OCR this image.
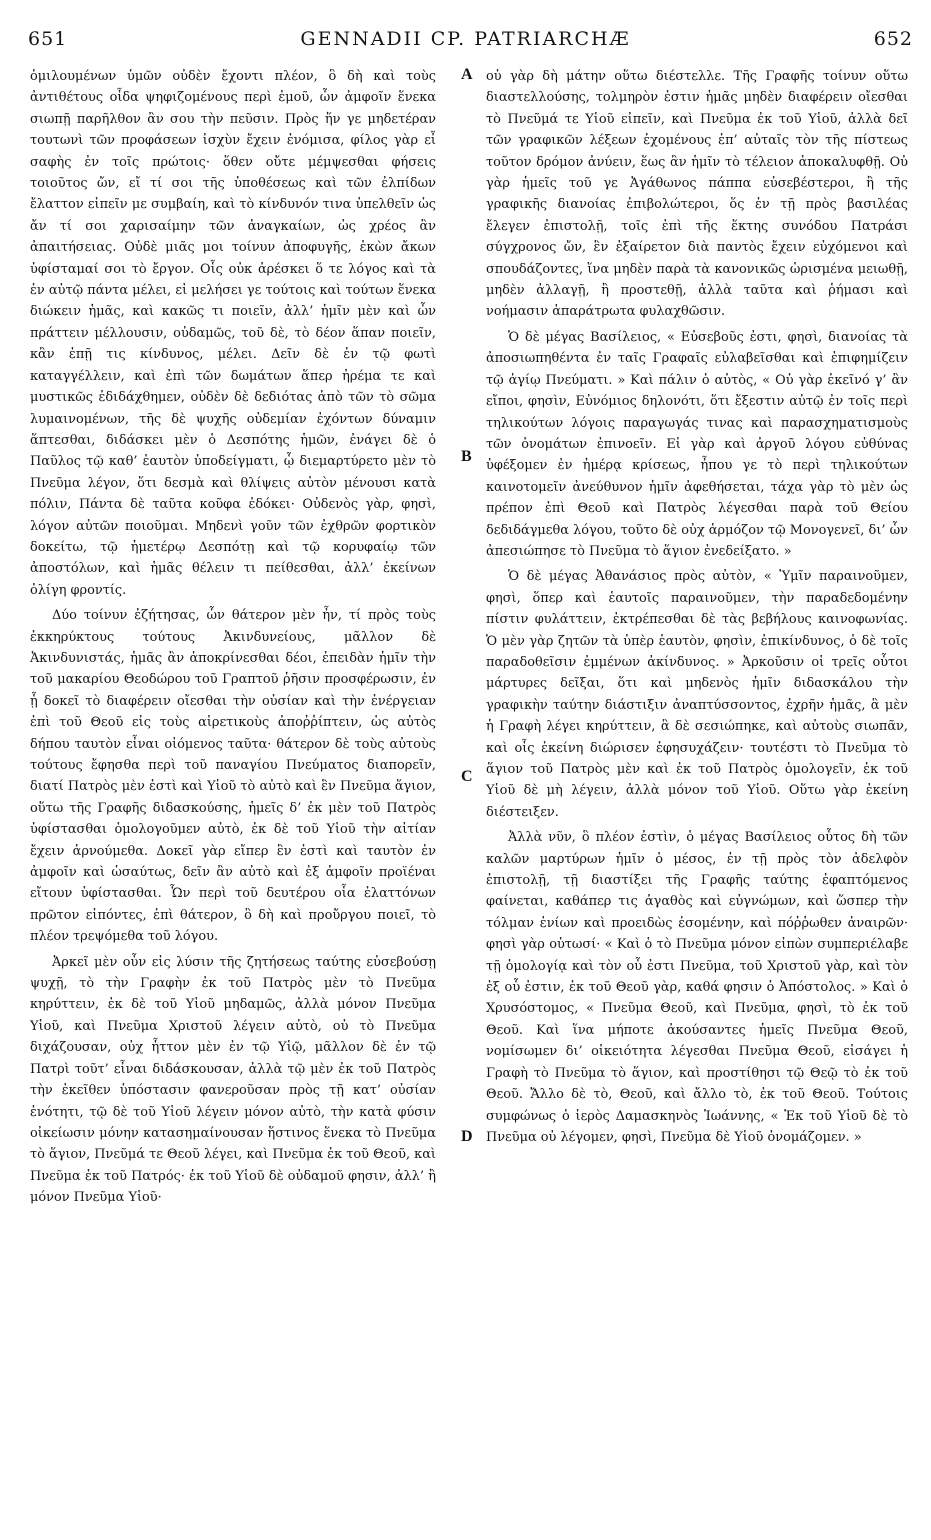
651	GENNADII CP. PATRIARCHÆ	652

ὁμιλουμένων ὑμῶν οὐδὲν ἔχοντι πλέον, ὃ δὴ καὶ τοὺς ἀντιθέτους οἶδα ψηφιζομένους περὶ ἐμοῦ, ὧν ἀμφοῖν ἕνεκα σιωπῇ παρῆλθον ἂν σου τὴν πεῦσιν. Πρὸς ἥν γε μηδετέραν τουτωνὶ τῶν προφάσεων ἰσχὺν ἔχειν ἐνόμισα, φίλος γὰρ εἶ σαφὴς ἐν τοῖς πρώτοις· ὅθεν οὔτε μέμψεσθαι φήσεις τοιοῦτος ὤν, εἴ τί σοι τῆς ὑποθέσεως καὶ τῶν ἐλπίδων ἔλαττον εἰπεῖν με συμβαίη, καὶ τὸ κίνδυνόν τινα ὑπελθεῖν ὡς ἄν τί σοι χαρισαίμην τῶν ἀναγκαίων, ὡς χρέος ἂν ἀπαιτήσειας. Οὐδὲ μιᾶς μοι τοίνυν ἀποφυγῆς, ἑκὼν ἄκων ὑφίσταμαί σοι τὸ ἔργον. Οἷς οὐκ ἀρέσκει ὅ τε λόγος καὶ τὰ ἐν αὐτῷ πάντα μέλει, εἰ μελήσει γε τούτοις καὶ τούτων ἕνεκα διώκειν ἡμᾶς, καὶ κακῶς τι ποιεῖν, ἀλλ’ ἡμῖν μὲν καὶ ὧν πράττειν μέλλουσιν, οὐδαμῶς, τοῦ δὲ, τὸ δέον ἅπαν ποιεῖν, κἂν ἐπῇ τις κίνδυνος, μέλει. Δεῖν δὲ ἐν τῷ φωτὶ καταγγέλλειν, καὶ ἐπὶ τῶν δωμάτων ἅπερ ἠρέμα τε καὶ μυστικῶς ἐδιδάχθημεν, οὐδὲν δὲ δεδιότας ἀπὸ τῶν τὸ σῶμα λυμαινομένων, τῆς δὲ ψυχῆς οὐδεμίαν ἐχόντων δύναμιν ἅπτεσθαι, διδάσκει μὲν ὁ Δεσπότης ἡμῶν, ἐνάγει δὲ ὁ Παῦλος τῷ καθ’ ἑαυτὸν ὑποδείγματι, ᾧ διεμαρτύρετο μὲν τὸ Πνεῦμα λέγον, ὅτι δεσμὰ καὶ θλίψεις αὐτὸν μένουσι κατὰ πόλιν, Πάντα δὲ ταῦτα κοῦφα ἐδόκει· Οὐδενὸς γὰρ, φησὶ, λόγον αὐτῶν ποιοῦμαι. Μηδενὶ γοῦν τῶν ἐχθρῶν φορτικὸν δοκείτω, τῷ ἡμετέρῳ Δεσπότῃ καὶ τῷ κορυφαίῳ τῶν ἀποστόλων, καὶ ἡμᾶς θέλειν τι πείθεσθαι, ἀλλ’ ἐκείνων ὀλίγη φροντίς.

Δύο τοίνυν ἐζήτησας, ὧν θάτερον μὲν ἦν, τί πρὸς τοὺς ἐκκηρύκτους τούτους Ἀκινδυνείους, μᾶλλον δὲ Ἀκινδυνιστάς, ἡμᾶς ἂν ἀποκρίνεσθαι δέοι, ἐπειδὰν ἡμῖν τὴν τοῦ μακαρίου Θεοδώρου τοῦ Γραπτοῦ ῥῆσιν προσφέρωσιν, ἐν ᾗ δοκεῖ τὸ διαφέρειν οἴεσθαι τὴν οὐσίαν καὶ τὴν ἐνέργειαν ἐπὶ τοῦ Θεοῦ εἰς τοὺς αἱρετικοὺς ἀποῤῥίπτειν, ὡς αὐτὸς δήπου ταυτὸν εἶναι οἰόμενος ταῦτα· θάτερον δὲ τοὺς αὐτοὺς τούτους ἔφησθα περὶ τοῦ παναγίου Πνεύματος διαπορεῖν, διατί Πατρὸς μὲν ἐστὶ καὶ Υἱοῦ τὸ αὐτὸ καὶ ἓν Πνεῦμα ἅγιον, οὕτω τῆς Γραφῆς διδασκούσης, ἡμεῖς δ’ ἐκ μὲν τοῦ Πατρὸς ὑφίστασθαι ὁμολογοῦμεν αὐτὸ, ἐκ δὲ τοῦ Υἱοῦ τὴν αἰτίαν ἔχειν ἀρνούμεθα. Δοκεῖ γὰρ εἴπερ ἓν ἐστὶ καὶ ταυτὸν ἐν ἀμφοῖν καὶ ὡσαύτως, δεῖν ἂν αὐτὸ καὶ ἐξ ἀμφοῖν προϊέναι εἴτουν ὑφίστασθαι. Ὧν περὶ τοῦ δευτέρου οἷα ἐλαττόνων πρῶτον εἰπόντες, ἐπὶ θάτερον, ὃ δὴ καὶ προὔργου ποιεῖ, τὸ πλέον τρεψόμεθα τοῦ λόγου.

Ἀρκεῖ μὲν οὖν εἰς λύσιν τῆς ζητήσεως ταύτης εὐσεβούσῃ ψυχῇ, τὸ τὴν Γραφὴν ἐκ τοῦ Πατρὸς μὲν τὸ Πνεῦμα κηρύττειν, ἐκ δὲ τοῦ Υἱοῦ μηδαμῶς, ἀλλὰ μόνον Πνεῦμα Υἱοῦ, καὶ Πνεῦμα Χριστοῦ λέγειν αὐτὸ, οὐ τὸ Πνεῦμα διχάζουσαν, οὐχ ἧττον μὲν ἐν τῷ Υἱῷ, μᾶλλον δὲ ἐν τῷ Πατρὶ τοῦτ’ εἶναι διδάσκουσαν, ἀλλὰ τῷ μὲν ἐκ τοῦ Πατρὸς τὴν ἐκεῖθεν ὑπόστασιν φανεροῦσαν πρὸς τῇ κατ’ οὐσίαν ἑνότητι, τῷ δὲ τοῦ Υἱοῦ λέγειν μόνον αὐτὸ, τὴν κατὰ φύσιν οἰκείωσιν μόνην κατασημαίνουσαν ἥστινος ἕνεκα τὸ Πνεῦμα τὸ ἅγιον, Πνεῦμά τε Θεοῦ λέγει, καὶ Πνεῦμα ἐκ τοῦ Θεοῦ, καὶ Πνεῦμα ἐκ τοῦ Πατρός· ἐκ τοῦ Υἱοῦ δὲ οὐδαμοῦ φησιν, ἀλλ’ ἢ μόνον Πνεῦμα Υἱοῦ·

A
B
C
D

οὐ γὰρ δὴ μάτην οὕτω διέστελλε. Τῆς Γραφῆς τοίνυν οὕτω διαστελλούσης, τολμηρὸν ἐστιν ἡμᾶς μηδὲν διαφέρειν οἴεσθαι τὸ Πνεῦμά τε Υἱοῦ εἰπεῖν, καὶ Πνεῦμα ἐκ τοῦ Υἱοῦ, ἀλλὰ δεῖ τῶν γραφικῶν λέξεων ἐχομένους ἐπ’ αὐταῖς τὸν τῆς πίστεως τοῦτον δρόμον ἀνύειν, ἕως ἂν ἡμῖν τὸ τέλειον ἀποκαλυφθῇ. Οὐ γὰρ ἡμεῖς τοῦ γε Ἀγάθωνος πάππα εὐσεβέστεροι, ἢ τῆς γραφικῆς διανοίας ἐπιβολώτεροι, ὅς ἐν τῇ πρὸς βασιλέας ἔλεγεν ἐπιστολῇ, τοῖς ἐπὶ τῆς ἕκτης συνόδου Πατράσι σύγχρονος ὤν, ἓν ἐξαίρετον διὰ παντὸς ἔχειν εὐχόμενοι καὶ σπουδάζοντες, ἵνα μηδὲν παρὰ τὰ κανονικῶς ὡρισμένα μειωθῇ, μηδὲν ἀλλαγῇ, ἢ προστεθῇ, ἀλλὰ ταῦτα καὶ ῥήμασι καὶ νοήμασιν ἀπαράτρωτα φυλαχθῶσιν.

Ὁ δὲ μέγας Βασίλειος, « Εὐσεβοῦς ἐστι, φησὶ, διανοίας τὰ ἀποσιωπηθέντα ἐν ταῖς Γραφαῖς εὐλαβεῖσθαι καὶ ἐπιφημίζειν τῷ ἁγίῳ Πνεύματι. » Καὶ πάλιν ὁ αὐτὸς, « Οὐ γὰρ ἐκεῖνό γ’ ἂν εἴποι, φησὶν, Εὐνόμιος δηλονότι, ὅτι ἔξεστιν αὐτῷ ἐν τοῖς περὶ τηλικούτων λόγοις παραγωγάς τινας καὶ παρασχηματισμοὺς τῶν ὀνομάτων ἐπινοεῖν. Εἰ γὰρ καὶ ἀργοῦ λόγου εὐθύνας ὑφέξομεν ἐν ἡμέρᾳ κρίσεως, ἦπου γε τὸ περὶ τηλικούτων καινοτομεῖν ἀνεύθυνον ἡμῖν ἀφεθήσεται, τάχα γὰρ τὸ μὲν ὡς πρέπον ἐπὶ Θεοῦ καὶ Πατρὸς λέγεσθαι παρὰ τοῦ Θείου δεδιδάγμεθα λόγου, τοῦτο δὲ οὐχ ἁρμόζον τῷ Μονογενεῖ, δι’ ὧν ἀπεσιώπησε τὸ Πνεῦμα τὸ ἅγιον ἐνεδείξατο. »

Ὁ δὲ μέγας Ἀθανάσιος πρὸς αὐτὸν, « Ὑμῖν παραινοῦμεν, φησὶ, ὅπερ καὶ ἑαυτοῖς παραινοῦμεν, τὴν παραδεδομένην πίστιν φυλάττειν, ἐκτρέπεσθαι δὲ τὰς βεβήλους καινοφωνίας. Ὁ μὲν γὰρ ζητῶν τὰ ὑπὲρ ἑαυτὸν, φησὶν, ἐπικίνδυνος, ὁ δὲ τοῖς παραδοθεῖσιν ἐμμένων ἀκίνδυνος. » Ἀρκοῦσιν οἱ τρεῖς οὗτοι μάρτυρες δεῖξαι, ὅτι καὶ μηδενὸς ἡμῖν διδασκάλου τὴν γραφικὴν ταύτην διάστιξιν ἀναπτύσσοντος, ἐχρῆν ἡμᾶς, ἃ μὲν ἡ Γραφὴ λέγει κηρύττειν, ἃ δὲ σεσιώπηκε, καὶ αὐτοὺς σιωπᾶν, καὶ οἷς ἐκείνη διώρισεν ἐφησυχάζειν· τουτέστι τὸ Πνεῦμα τὸ ἅγιον τοῦ Πατρὸς μὲν καὶ ἐκ τοῦ Πατρὸς ὁμολογεῖν, ἐκ τοῦ Υἱοῦ δὲ μὴ λέγειν, ἀλλὰ μόνον τοῦ Υἱοῦ. Οὕτω γὰρ ἐκείνη διέστειξεν.

Ἀλλὰ νῦν, ὃ πλέον ἐστὶν, ὁ μέγας Βασίλειος οὗτος δὴ τῶν καλῶν μαρτύρων ἡμῖν ὁ μέσος, ἐν τῇ πρὸς τὸν ἀδελφὸν ἐπιστολῇ, τῇ διαστίξει τῆς Γραφῆς ταύτης ἐφαπτόμενος φαίνεται, καθάπερ τις ἀγαθὸς καὶ εὐγνώμων, καὶ ὥσπερ τὴν τόλμαν ἐνίων καὶ προειδὼς ἐσομένην, καὶ πόῤῥωθεν ἀναιρῶν· φησὶ γὰρ οὑτωσί· « Καὶ ὁ τὸ Πνεῦμα μόνον εἰπὼν συμπεριέλαβε τῇ ὁμολογίᾳ καὶ τὸν οὗ ἐστι Πνεῦμα, τοῦ Χριστοῦ γὰρ, καὶ τὸν ἐξ οὗ ἐστιν, ἐκ τοῦ Θεοῦ γὰρ, καθά φησιν ὁ Ἀπόστολος. » Καὶ ὁ Χρυσόστομος, « Πνεῦμα Θεοῦ, καὶ Πνεῦμα, φησὶ, τὸ ἐκ τοῦ Θεοῦ. Καὶ ἵνα μήποτε ἀκούσαντες ἡμεῖς Πνεῦμα Θεοῦ, νομίσωμεν δι’ οἰκειότητα λέγεσθαι Πνεῦμα Θεοῦ, εἰσάγει ἡ Γραφὴ τὸ Πνεῦμα τὸ ἅγιον, καὶ προστίθησι τῷ Θεῷ τὸ ἐκ τοῦ Θεοῦ. Ἄλλο δὲ τὸ, Θεοῦ, καὶ ἄλλο τὸ, ἐκ τοῦ Θεοῦ. Τούτοις συμφώνως ὁ ἱερὸς Δαμασκηνὸς Ἰωάννης, « Ἐκ τοῦ Υἱοῦ δὲ τὸ Πνεῦμα οὐ λέγομεν, φησὶ, Πνεῦμα δὲ Υἱοῦ ὀνομάζομεν. »
